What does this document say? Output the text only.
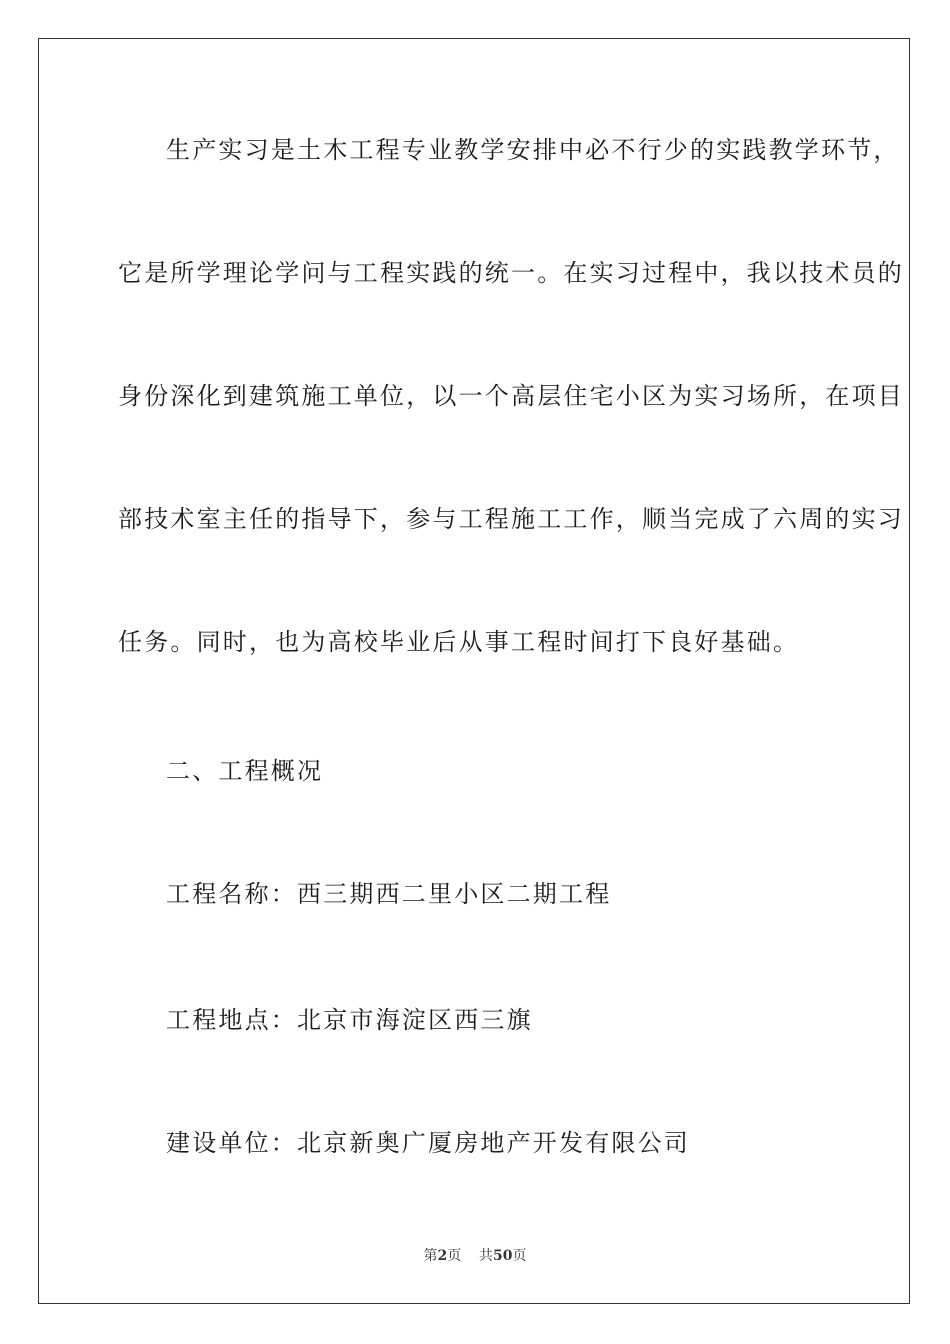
生产实习是土木工程专业教学安排中必不行少的实践教学环节，
它是所学理论学问与工程实践的统一。在实习过程中，我以技术员的
身份深化到建筑施工单位，以一个高层住宅小区为实习场所，在项目
部技术室主任的指导下，参与工程施工工作，顺当完成了六周的实习
任务。同时，也为高校毕业后从事工程时间打下良好基础。
二、工程概况
工程名称：西三期西二里小区二期工程
工程地点：北京市海淀区西三旗
建设单位：北京新奥广厦房地产开发有限公司
第2页 共50页
